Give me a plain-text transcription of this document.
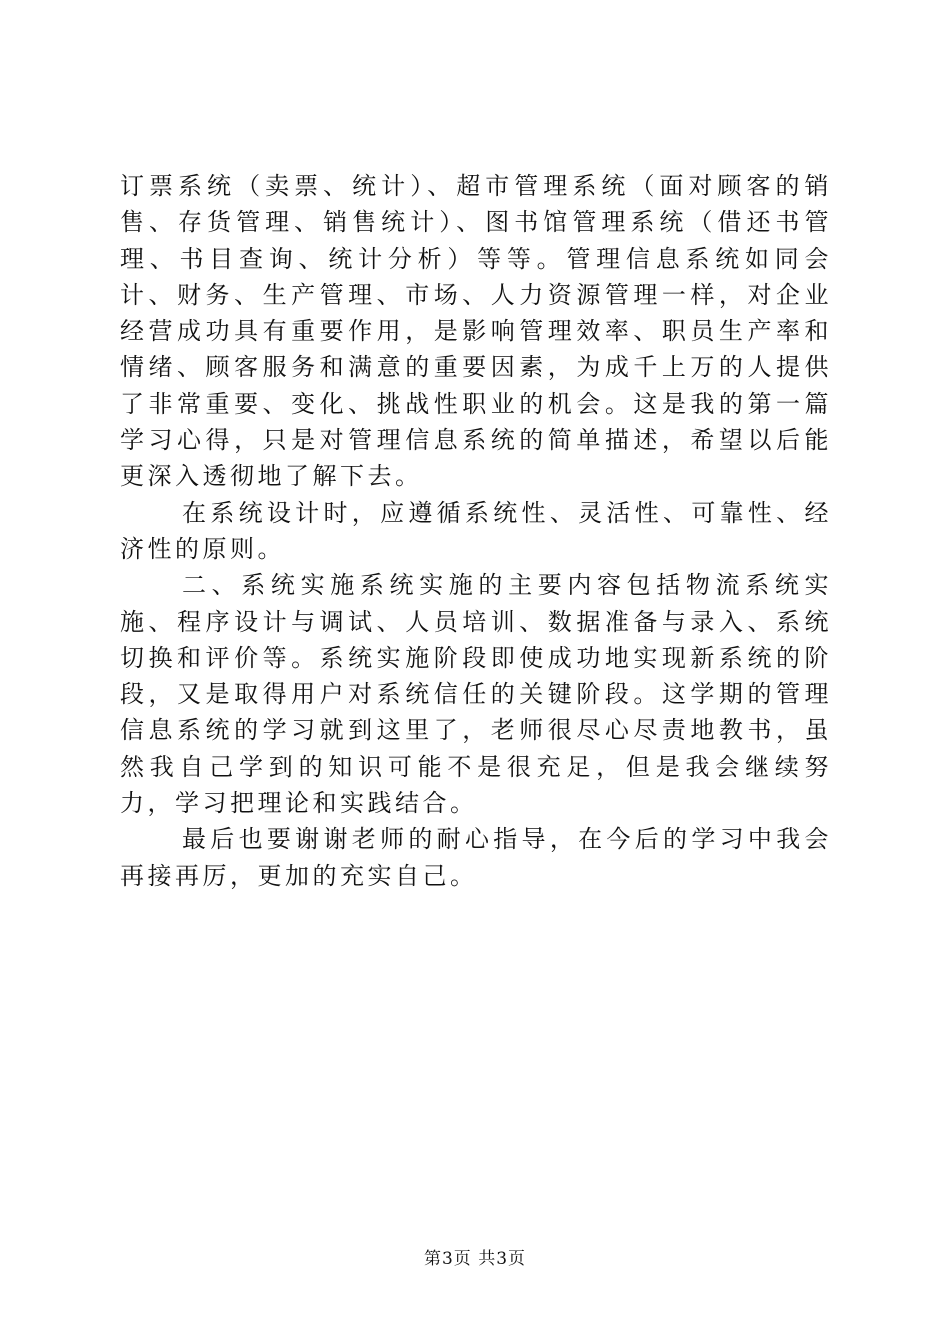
订票系统（卖票、统计）、超市管理系统（面对顾客的销售、存货管理、销售统计）、图书馆管理系统（借还书管理、书目查询、统计分析）等等。管理信息系统如同会计、财务、生产管理、市场、人力资源管理一样，对企业经营成功具有重要作用，是影响管理效率、职员生产率和情绪、顾客服务和满意的重要因素，为成千上万的人提供了非常重要、变化、挑战性职业的机会。这是我的第一篇学习心得，只是对管理信息系统的简单描述，希望以后能更深入透彻地了解下去。

在系统设计时，应遵循系统性、灵活性、可靠性、经济性的原则。

二、系统实施系统实施的主要内容包括物流系统实施、程序设计与调试、人员培训、数据准备与录入、系统切换和评价等。系统实施阶段即使成功地实现新系统的阶段，又是取得用户对系统信任的关键阶段。这学期的管理信息系统的学习就到这里了，老师很尽心尽责地教书，虽然我自己学到的知识可能不是很充足，但是我会继续努力，学习把理论和实践结合。

最后也要谢谢老师的耐心指导，在今后的学习中我会再接再厉，更加的充实自己。

第3页 共3页
